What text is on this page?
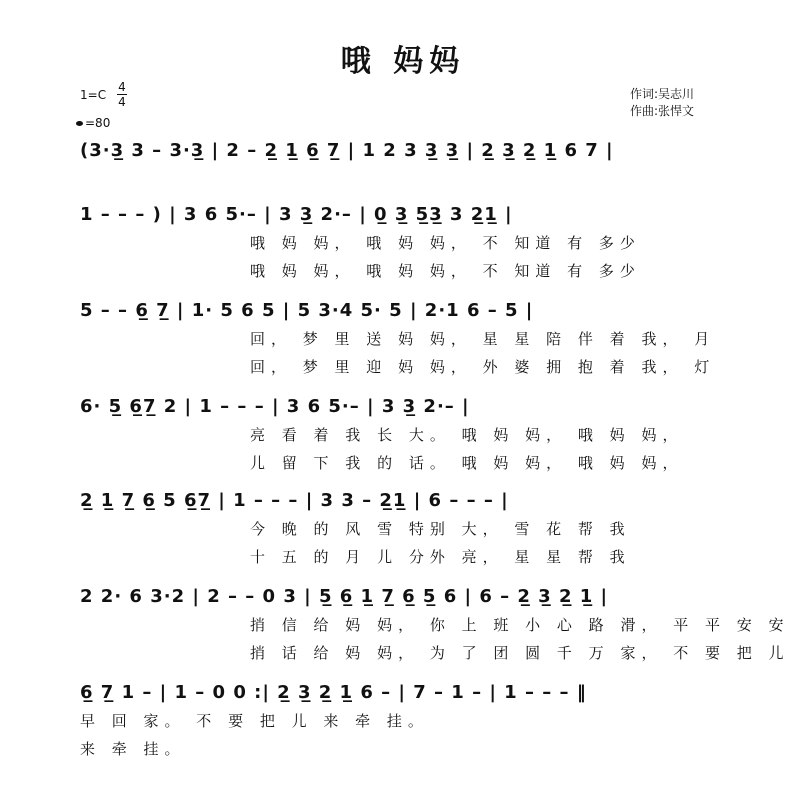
哦 妈妈
1=C
4
4
=80
作词:吴志川
作曲:张悍文
(3·3̲ 3 – 3·3̲ | 2 – 2̲ 1̲ 6̲ 7̲ | 1 2 3 3̲ 3̲ | 2̲ 3̲ 2̲ 1̲ 6 7 |
1 – – – ) | 3 6 5·– | 3 3̲ 2·– | 0̲ 3̲ 5̲3̲ 3 2̲1̲ |
哦 妈 妈， 哦 妈 妈， 不 知道 有 多少
哦 妈 妈， 哦 妈 妈， 不 知道 有 多少
5 – – 6̲ 7̲ | 1· 5 6 5 | 5 3·4 5· 5 | 2·1 6 – 5 |
回， 梦 里 送 妈 妈， 星 星 陪 伴 着 我， 月
回， 梦 里 迎 妈 妈， 外 婆 拥 抱 着 我， 灯
6· 5̲ 6̲7̲ 2 | 1 – – – | 3 6 5·– | 3 3̲ 2·– |
亮 看 着 我 长 大。 哦 妈 妈， 哦 妈 妈，
儿 留 下 我 的 话。 哦 妈 妈， 哦 妈 妈，
2̲ 1̲ 7̲ 6̲ 5 6̲7̲ | 1 – – – | 3 3 – 2̲1̲ | 6 – – – |
今 晚 的 风 雪 特别 大， 雪 花 帮 我
十 五 的 月 儿 分外 亮， 星 星 帮 我
2 2· 6 3·2 | 2 – – 0 3 | 5̲ 6̲ 1̲ 7̲ 6̲ 5̲ 6 | 6 – 2̲ 3̲ 2̲ 1̲ |
捎 信 给 妈 妈， 你 上 班 小 心 路 滑， 平 平 安 安
捎 话 给 妈 妈， 为 了 团 圆 千 万 家， 不 要 把 儿
6̲ 7̲ 1 – | 1 – 0 0 :| 2̲ 3̲ 2̲ 1̲ 6 – | 7 – 1 – | 1 – – – ‖
早 回 家。 不 要 把 儿 来 牵 挂。
来 牵 挂。
